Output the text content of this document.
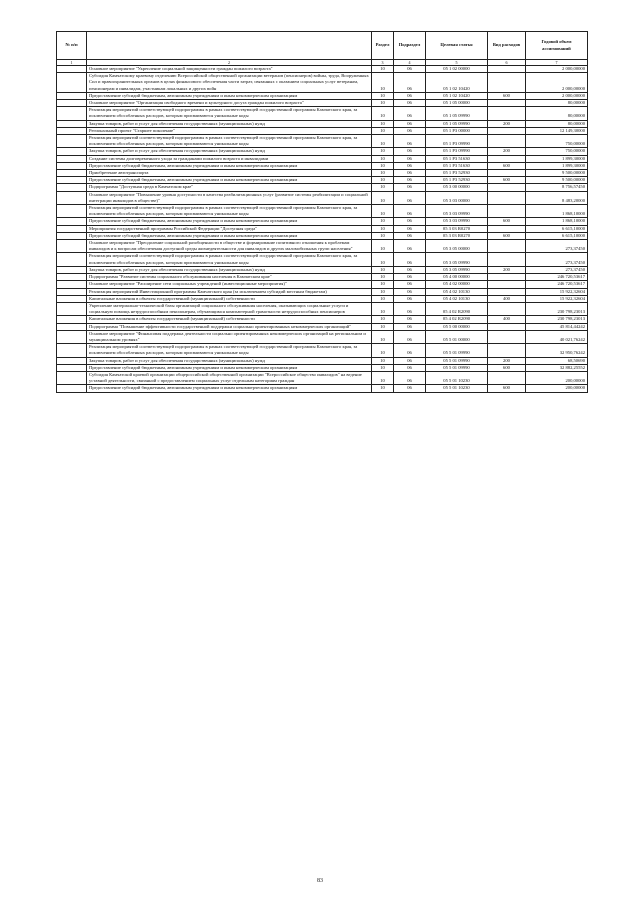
№ п/п		Раздел	Подраздел	Целевая статья	Вид расходов	Годовой объем ассигнований
1	2	3	4	5	6	7
	Основное мероприятие "Укрепление социальной защищенности граждан пожилого возраста"	10	06	05 1 02 00000		2 000,00000
	Субсидия Камчатскому краевому отделению Всероссийской общественной организации ветеранов (пенсионеров) войны, труда, Вооруженных Сил и правоохранительных органов в целях финансового обеспечения части затрат, связанных с оказанием социальных услуг ветеранам, пенсионерам и инвалидам, участникам локальных и других войн	10	06	05 1 02 10420		2 000,00000
	Предоставление субсидий бюджетным, автономным учреждениям и иным некоммерческим организациям	10	06	05 1 02 10420	600	2 000,00000
	Основное мероприятие "Организация свободного времени и культурного досуга граждан пожилого возраста"	10	06	05 1 05 00000		80,00000
	Реализация мероприятий соответствующей подпрограммы в рамках соответствующей государственной программы Камчатского края, за исключением обособленных расходов, которым присваиваются уникальные коды	10	06	05 1 05 09990		80,00000
	Закупка товаров, работ и услуг для обеспечения государственных (муниципальных) нужд	10	06	05 1 05 09990	200	80,00000
	Региональный проект "Старшее поколение"	10	06	05 1 P3 00000		12 149,30000
	Реализация мероприятий соответствующей подпрограммы в рамках соответствующей государственной программы Камчатского края, за исключением обособленных расходов, которым присваиваются уникальные коды	10	06	05 1 P3 09990		750,00000
	Закупка товаров, работ и услуг для обеспечения государственных (муниципальных) нужд	10	06	05 1 P3 09990	200	750,00000
	Создание системы долговременного ухода за гражданами пожилого возраста и инвалидами	10	06	05 1 P3 51630		1 899,30000
	Предоставление субсидий бюджетным, автономным учреждениям и иным некоммерческим организациям	10	06	05 1 P3 51630	600	1 899,30000
	Приобретение автотранспорта	10	06	05 1 P3 52930		9 500,00000
	Предоставление субсидий бюджетным, автономным учреждениям и иным некоммерческим организациям	10	06	05 1 P3 52930	600	9 500,00000
	Подпрограмма "Доступная среда в Камчатском крае"	10	06	05 3 00 00000		8 756,57450
	Основное мероприятие "Повышение уровня доступности в качества реабилитационных услуг (развитие системы реабилитации и социальной интеграции инвалидов в обществе)"	10	06	05 3 03 00000		8 483,20000
	Реализация мероприятий соответствующей подпрограммы в рамках соответствующей государственной программы Камчатского края, за исключением обособленных расходов, которым присваиваются уникальные коды	10	06	05 3 03 09990		1 868,10000
	Предоставление субсидий бюджетным, автономным учреждениям и иным некоммерческим организациям	10	06	05 3 03 09990	600	1 868,10000
	Мероприятия государственной программы Российской Федерации "Доступная среда"	10	06	05 3 03 R0270		6 615,10000
	Предоставление субсидий бюджетным, автономным учреждениям и иным некоммерческим организациям	10	06	05 3 03 R0270	600	6 615,10000
	Основное мероприятие "Преодоление социальной разобщенности в обществе и формирование позитивного отношения к проблемам инвалидов и к вопросам обеспечения доступной среды жизнедеятельности для инвалидов и других маломобильных групп населения"	10	06	05 3 05 00000		273,37450
	Реализация мероприятий соответствующей подпрограммы в рамках соответствующей государственной программы Камчатского края, за исключением обособленных расходов, которым присваиваются уникальные коды	10	06	05 3 05 09990		273,37450
	Закупка товаров, работ и услуг для обеспечения государственных (муниципальных) нужд	10	06	05 3 05 09990	200	273,37450
	Подпрограмма "Развитие системы социального обслуживания населения в Камчатском крае"	10	06	05 4 00 00000		246 720,53617
	Основное мероприятие "Расширение сети социальных учреждений (инвестиционные мероприятия)"	10	06	05 4 02 00000		246 720,53617
	Реализация мероприятий Инвестиционной программы Камчатского края (за исключением субсидий местным бюджетам)	10	06	05 4 02 10130		15 922,32604
	Капитальные вложения в объекты государственной (муниципальной) собственности	10	06	05 4 02 10130	400	15 922,32604
	Укрепление материально-технической базы организаций социального обслуживания населения, оказывающих социальные услуги и социальную помощь нетрудоспособным пенсионерам, обучающимся компьютерной грамотности нетрудоспособных пенсионеров	10	06	05 4 02 R2090		230 798,23013
	Капитальные вложения в объекты государственной (муниципальной) собственности	10	06	05 4 02 R2090	400	230 798,23013
	Подпрограмма "Повышение эффективности государственной поддержки социально ориентированных некоммерческих организаций"	10	06	05 5 00 00000		45 814,44242
	Основное мероприятие "Финансовая поддержка деятельности социально ориентированных некоммерческих организаций на региональном и муниципальном уровнях"	10	06	05 5 01 00000		40 021,76242
	Реализация мероприятий соответствующей подпрограммы в рамках соответствующей государственной программы Камчатского края, за исключением обособленных расходов, которым присваиваются уникальные коды	10	06	05 5 01 09990		32 950,76242
	Закупка товаров, работ и услуг для обеспечения государственных (муниципальных) нужд	10	06	05 5 01 09990	200	68,50690
	Предоставление субсидий бюджетным, автономным учреждениям и иным некоммерческим организациям	10	06	05 5 01 09990	600	32 882,25552
	Субсидия Камчатской краевой организации общероссийской общественной организации "Всероссийское общество инвалидов" на ведение уставной деятельности, связанной с предоставлением социальных услуг отдельным категориям граждан	10	06	05 5 01 10230		200,00000
	Предоставление субсидий бюджетным, автономным учреждениям и иным некоммерческим организациям	10	06	05 5 01 10230	600	200,00000
83
